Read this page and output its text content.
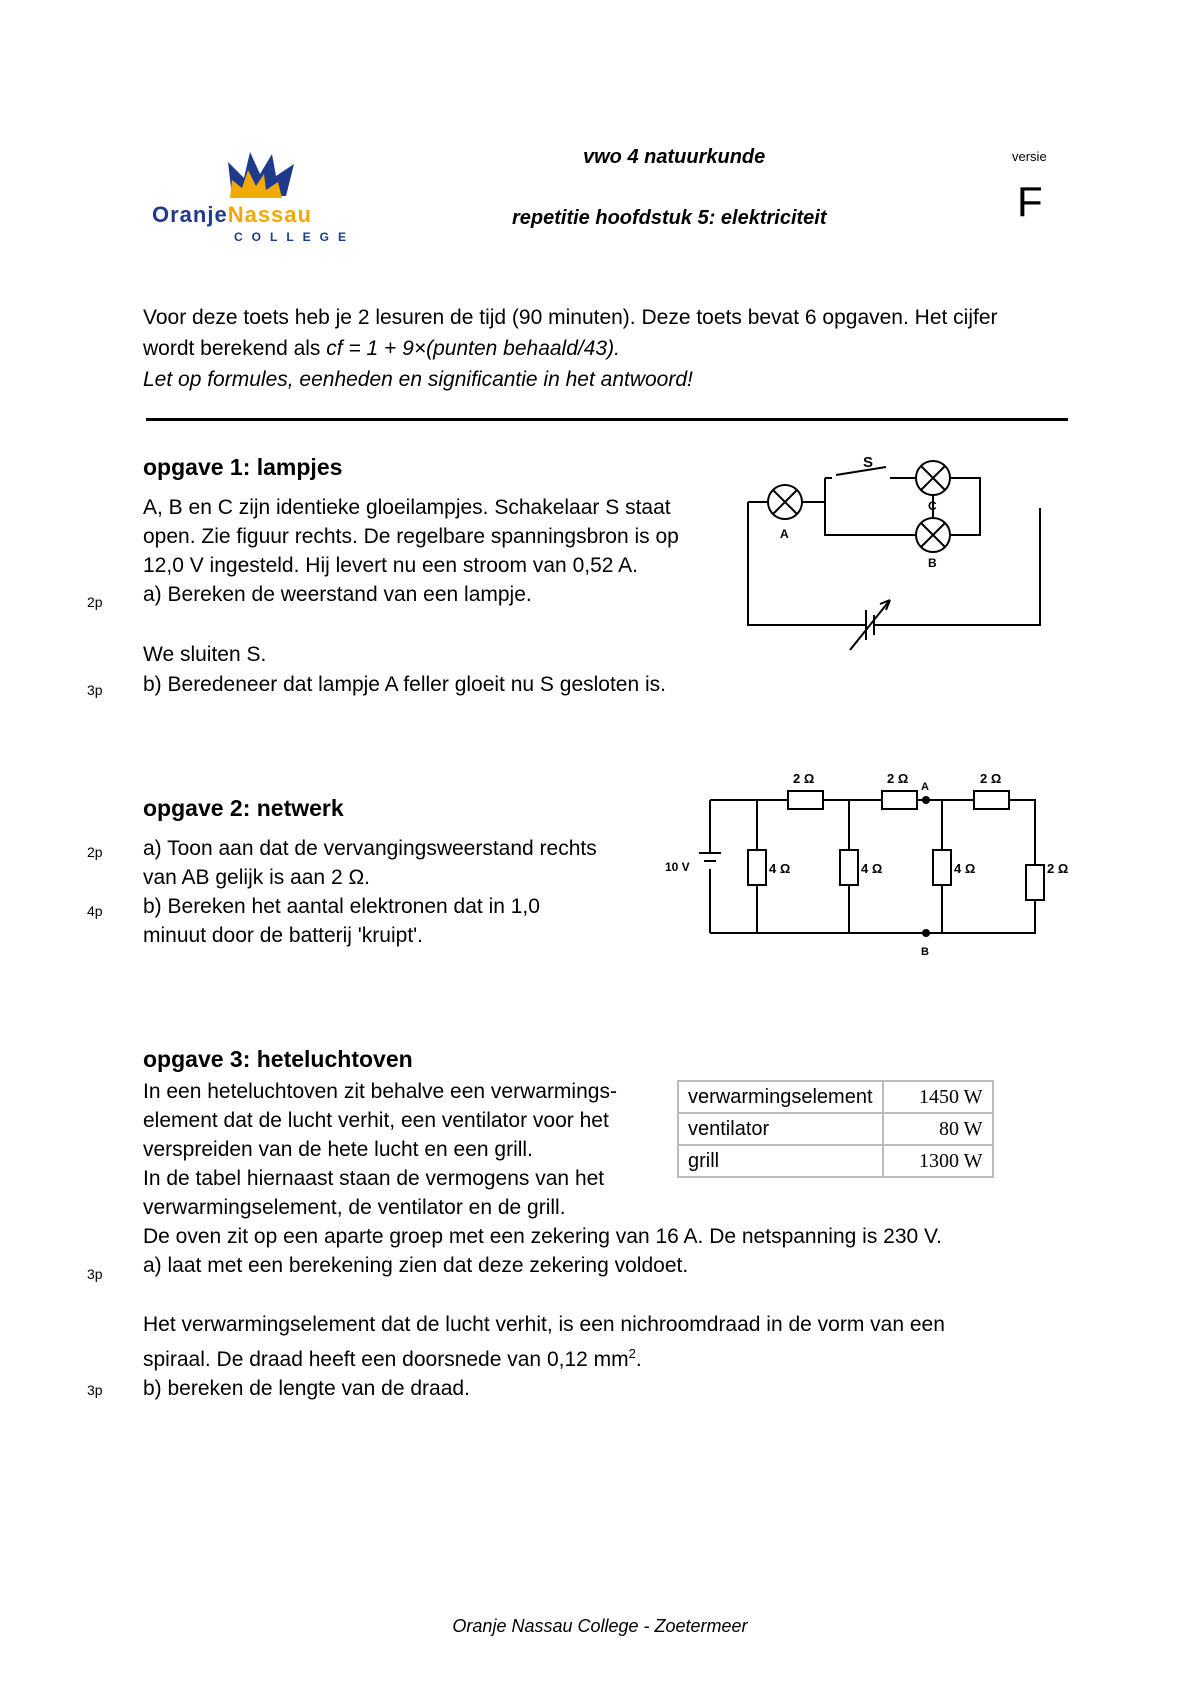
OranjeNassau
COLLEGE
vwo 4 natuurkunde
repetitie hoofdstuk 5: elektriciteit
versie
F
Voor deze toets heb je 2 lesuren de tijd (90 minuten). Deze toets bevat 6 opgaven. Het cijfer
wordt berekend als cf = 1 + 9×(punten behaald/43).
Let op formules, eenheden en significantie in het antwoord!
opgave 1: lampjes
A, B en C zijn identieke gloeilampjes. Schakelaar S staat
open. Zie figuur rechts. De regelbare spanningsbron is op
12,0 V ingesteld. Hij levert nu een stroom van 0,52 A.
a) Bereken de weerstand van een lampje.
2p
We sluiten S.
b) Beredeneer dat lampje A feller gloeit nu S gesloten is.
3p
S
A
C
B
opgave 2: netwerk
a) Toon aan dat de vervangingsweerstand rechts
van AB gelijk is aan 2 Ω.
b) Bereken het aantal elektronen dat in 1,0
minuut door de batterij 'kruipt'.
2p
4p
2 Ω	2 Ω	2 Ω
A
B
10 V	4 Ω	4 Ω	4 Ω	2 Ω
opgave 3: heteluchtoven
In een heteluchtoven zit behalve een verwarmings-
element dat de lucht verhit, een ventilator voor het
verspreiden van de hete lucht en een grill.
In de tabel hiernaast staan de vermogens van het
verwarmingselement, de ventilator en de grill.
De oven zit op een aparte groep met een zekering van 16 A. De netspanning is 230 V.
a) laat met een berekening zien dat deze zekering voldoet.
3p
verwarmingselement	1450 W
ventilator	80 W
grill	1300 W
Het verwarmingselement dat de lucht verhit, is een nichroomdraad in de vorm van een
spiraal. De draad heeft een doorsnede van 0,12 $mm^2$.
b) bereken de lengte van de draad.
3p
Oranje Nassau College - Zoetermeer
